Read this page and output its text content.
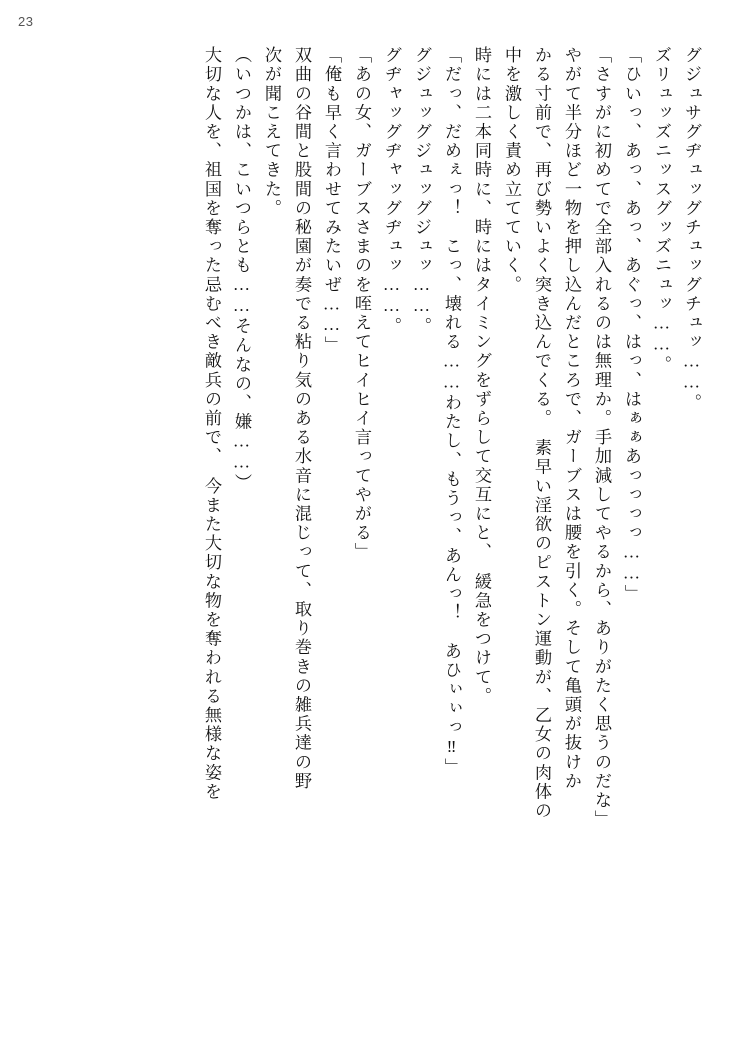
23
グジュサグヂュッグチュッグチュッ……。
ズリュッズニッスグッズニュッ……。
「ひいっ、あっ、あっ、あぐっ、はっ、はぁぁあっっっっ……」
「さすがに初めてで全部入れるのは無理か。手加減してやるから、ありがたく思うのだな」
やがて半分ほど一物を押し込んだところで、ガーブスは腰を引く。そして亀頭が抜けか
かる寸前で、再び勢いよく突き込んでくる。　素早い淫欲のピストン運動が、乙女の肉体の
中を激しく責め立てていく。
時には二本同時に、時にはタイミングをずらして交互にと、　緩急をつけて。
「だっ、だめぇっ！　こっ、壊れる……わたし、もうっ、あんっ！　あひぃぃっ‼」
グジュッグジュッグジュッ……。
グヂャッグヂャッグヂュッ……。
「あの女、ガーブスさまのを咥えてヒイヒイ言ってやがる」
「俺も早く言わせてみたいぜ……」
双曲の谷間と股間の秘園が奏でる粘り気のある水音に混じって、取り巻きの雑兵達の野
次が聞こえてきた。
（いつかは、こいつらとも……そんなの、嫌……）
大切な人を、祖国を奪った忌むべき敵兵の前で、　今また大切な物を奪われる無様な姿を
